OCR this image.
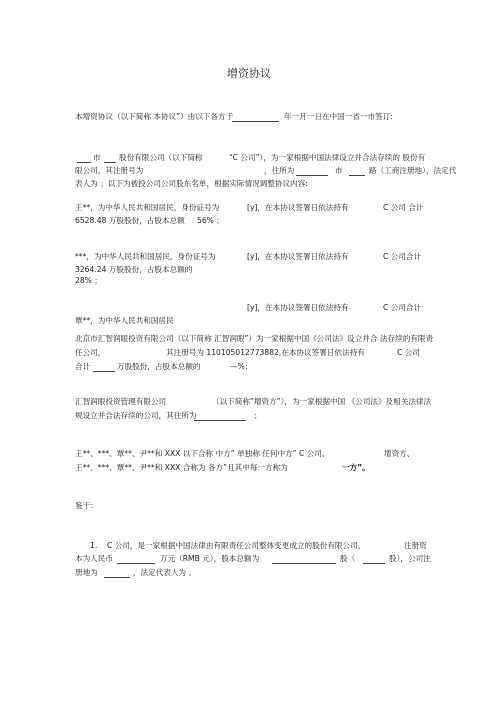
增资协议
本增资协议（以下简称 本协议”）由以下各方于	年一月一日在中国一省一市签订:
市 股份有限公司（以下简称	“C 公司”），为一家根据中国法律设立并合法存续的 股份有
限公司，其注册号为	，住所为	市	路（工商注册地），法定代
表人为 ；以下为被投公司公司股东名单，根据实际情况调整协议内容:
王**，为中华人民共和国居民，身份证号为	[y]，在本协议签署日依法持有	C 公司 合计
6528.48 万股股份，占股本总额 56% ；
***，为中华人民共和国居民，身份证号为	[y]，在本协议签署日依法持有	C 公司合计
3264.24 万股股份，占股本总额的
28% ；
[y]，在本协议签署日依法持有	C 公司合计
覃**，为中华人民共和国居民
北京市汇智润眼投资有限公司（以下简称 汇智润眼”）为一家根据中国《公司法》设立并合 法存续的有限责
任公司，	其注册号为 110105012773882,在本协议签署日依法持有	C 公司
合计	万股股份，占股本总额的	—%；
汇智润眼投资管理有限公司	（以下简称”增资方”），为一家根据中国 《公司法》及相关法律法
规设立并合法存续的公司，其住所为	；
王**、***、覃**、尹**和 XXX 以下合称 中方” 单独称 任何中方” C 公司、	增资方、
王**、***、覃**、尹**和 XXX 合称为 各方”且其中每一方称为	一方”。
鉴于：
1. C 公司，是一家根据中国法律由有限责任公司整体变更成立的股份有限公司，	注册资
本为人民币	万元（RMB 元），股本总额为	股（	股），公司注
册地为	，法定代表人为 。
